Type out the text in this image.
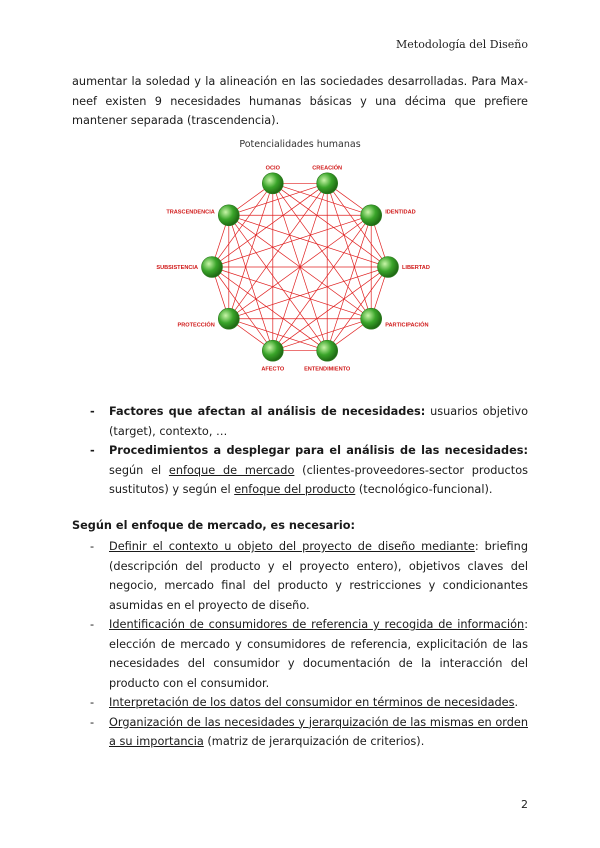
Metodología del Diseño
aumentar la soledad y la alineación en las sociedades desarrolladas. Para Max-neef existen 9 necesidades humanas básicas y una décima que prefiere mantener separada (trascendencia).
Potencialidades humanas
OCIO	CREACIÓN
IDENTIDAD
LIBERTAD
PARTICIPACIÓN
ENTENDIMIENTO
AFECTO
PROTECCIÓN
SUBSISTENCIA
TRASCENDENCIA
- Factores que afectan al análisis de necesidades: usuarios objetivo (target), contexto, …
- Procedimientos a desplegar para el análisis de las necesidades: según el enfoque de mercado (clientes-proveedores-sector productos sustitutos) y según el enfoque del producto (tecnológico-funcional).
Según el enfoque de mercado, es necesario:
- Definir el contexto u objeto del proyecto de diseño mediante: briefing (descripción del producto y el proyecto entero), objetivos claves del negocio, mercado final del producto y restricciones y condicionantes asumidas en el proyecto de diseño.
- Identificación de consumidores de referencia y recogida de información: elección de mercado y consumidores de referencia, explicitación de las necesidades del consumidor y documentación de la interacción del producto con el consumidor.
- Interpretación de los datos del consumidor en términos de necesidades.
- Organización de las necesidades y jerarquización de las mismas en orden a su importancia (matriz de jerarquización de criterios).
2
